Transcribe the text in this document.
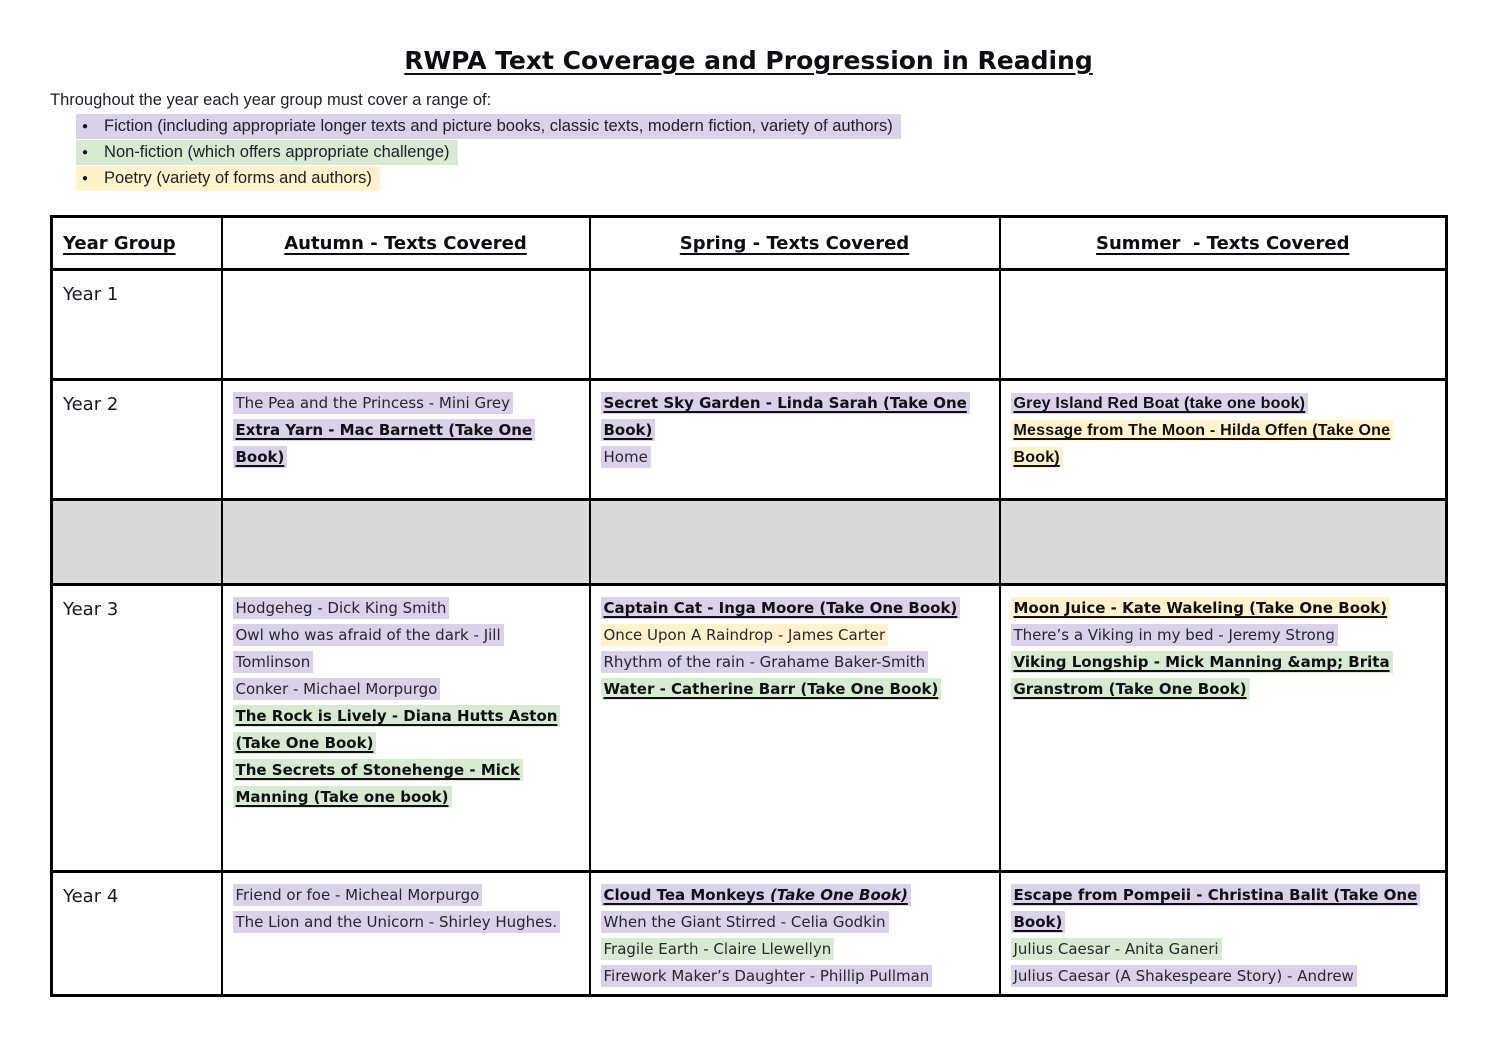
RWPA Text Coverage and Progression in Reading

Throughout the year each year group must cover a range of:

● Fiction (including appropriate longer texts and picture books, classic texts, modern fiction, variety of authors)
● Non-fiction (which offers appropriate challenge)
● Poetry (variety of forms and authors)
Year Group	Autumn - Texts Covered	Spring - Texts Covered	Summer  - Texts Covered
Year 1			
Year 2	The Pea and the Princess - Mini Grey
Extra Yarn - Mac Barnett (Take One Book)

Secret Sky Garden - Linda Sarah (Take One Book)
Home

Grey Island Red Boat (take one book)
Message from The Moon - Hilda Offen (Take One Book)

Year 3	Hodgeheg - Dick King Smith
Owl who was afraid of the dark - Jill Tomlinson
Conker - Michael Morpurgo
The Rock is Lively - Diana Hutts Aston (Take One Book)
The Secrets of Stonehenge - Mick Manning (Take one book)

Captain Cat - Inga Moore (Take One Book)
Once Upon A Raindrop - James Carter
Rhythm of the rain - Grahame Baker-Smith
Water - Catherine Barr (Take One Book)

Moon Juice - Kate Wakeling (Take One Book)
There’s a Viking in my bed - Jeremy Strong
Viking Longship - Mick Manning &amp; Brita Granstrom (Take One Book)

Year 4	Friend or foe - Micheal Morpurgo
The Lion and the Unicorn - Shirley Hughes.

Cloud Tea Monkeys (Take One Book)
When the Giant Stirred - Celia Godkin
Fragile Earth - Claire Llewellyn
Firework Maker’s Daughter - Phillip Pullman

Escape from Pompeii - Christina Balit (Take One Book)
Julius Caesar - Anita Ganeri
Julius Caesar (A Shakespeare Story) - Andrew
